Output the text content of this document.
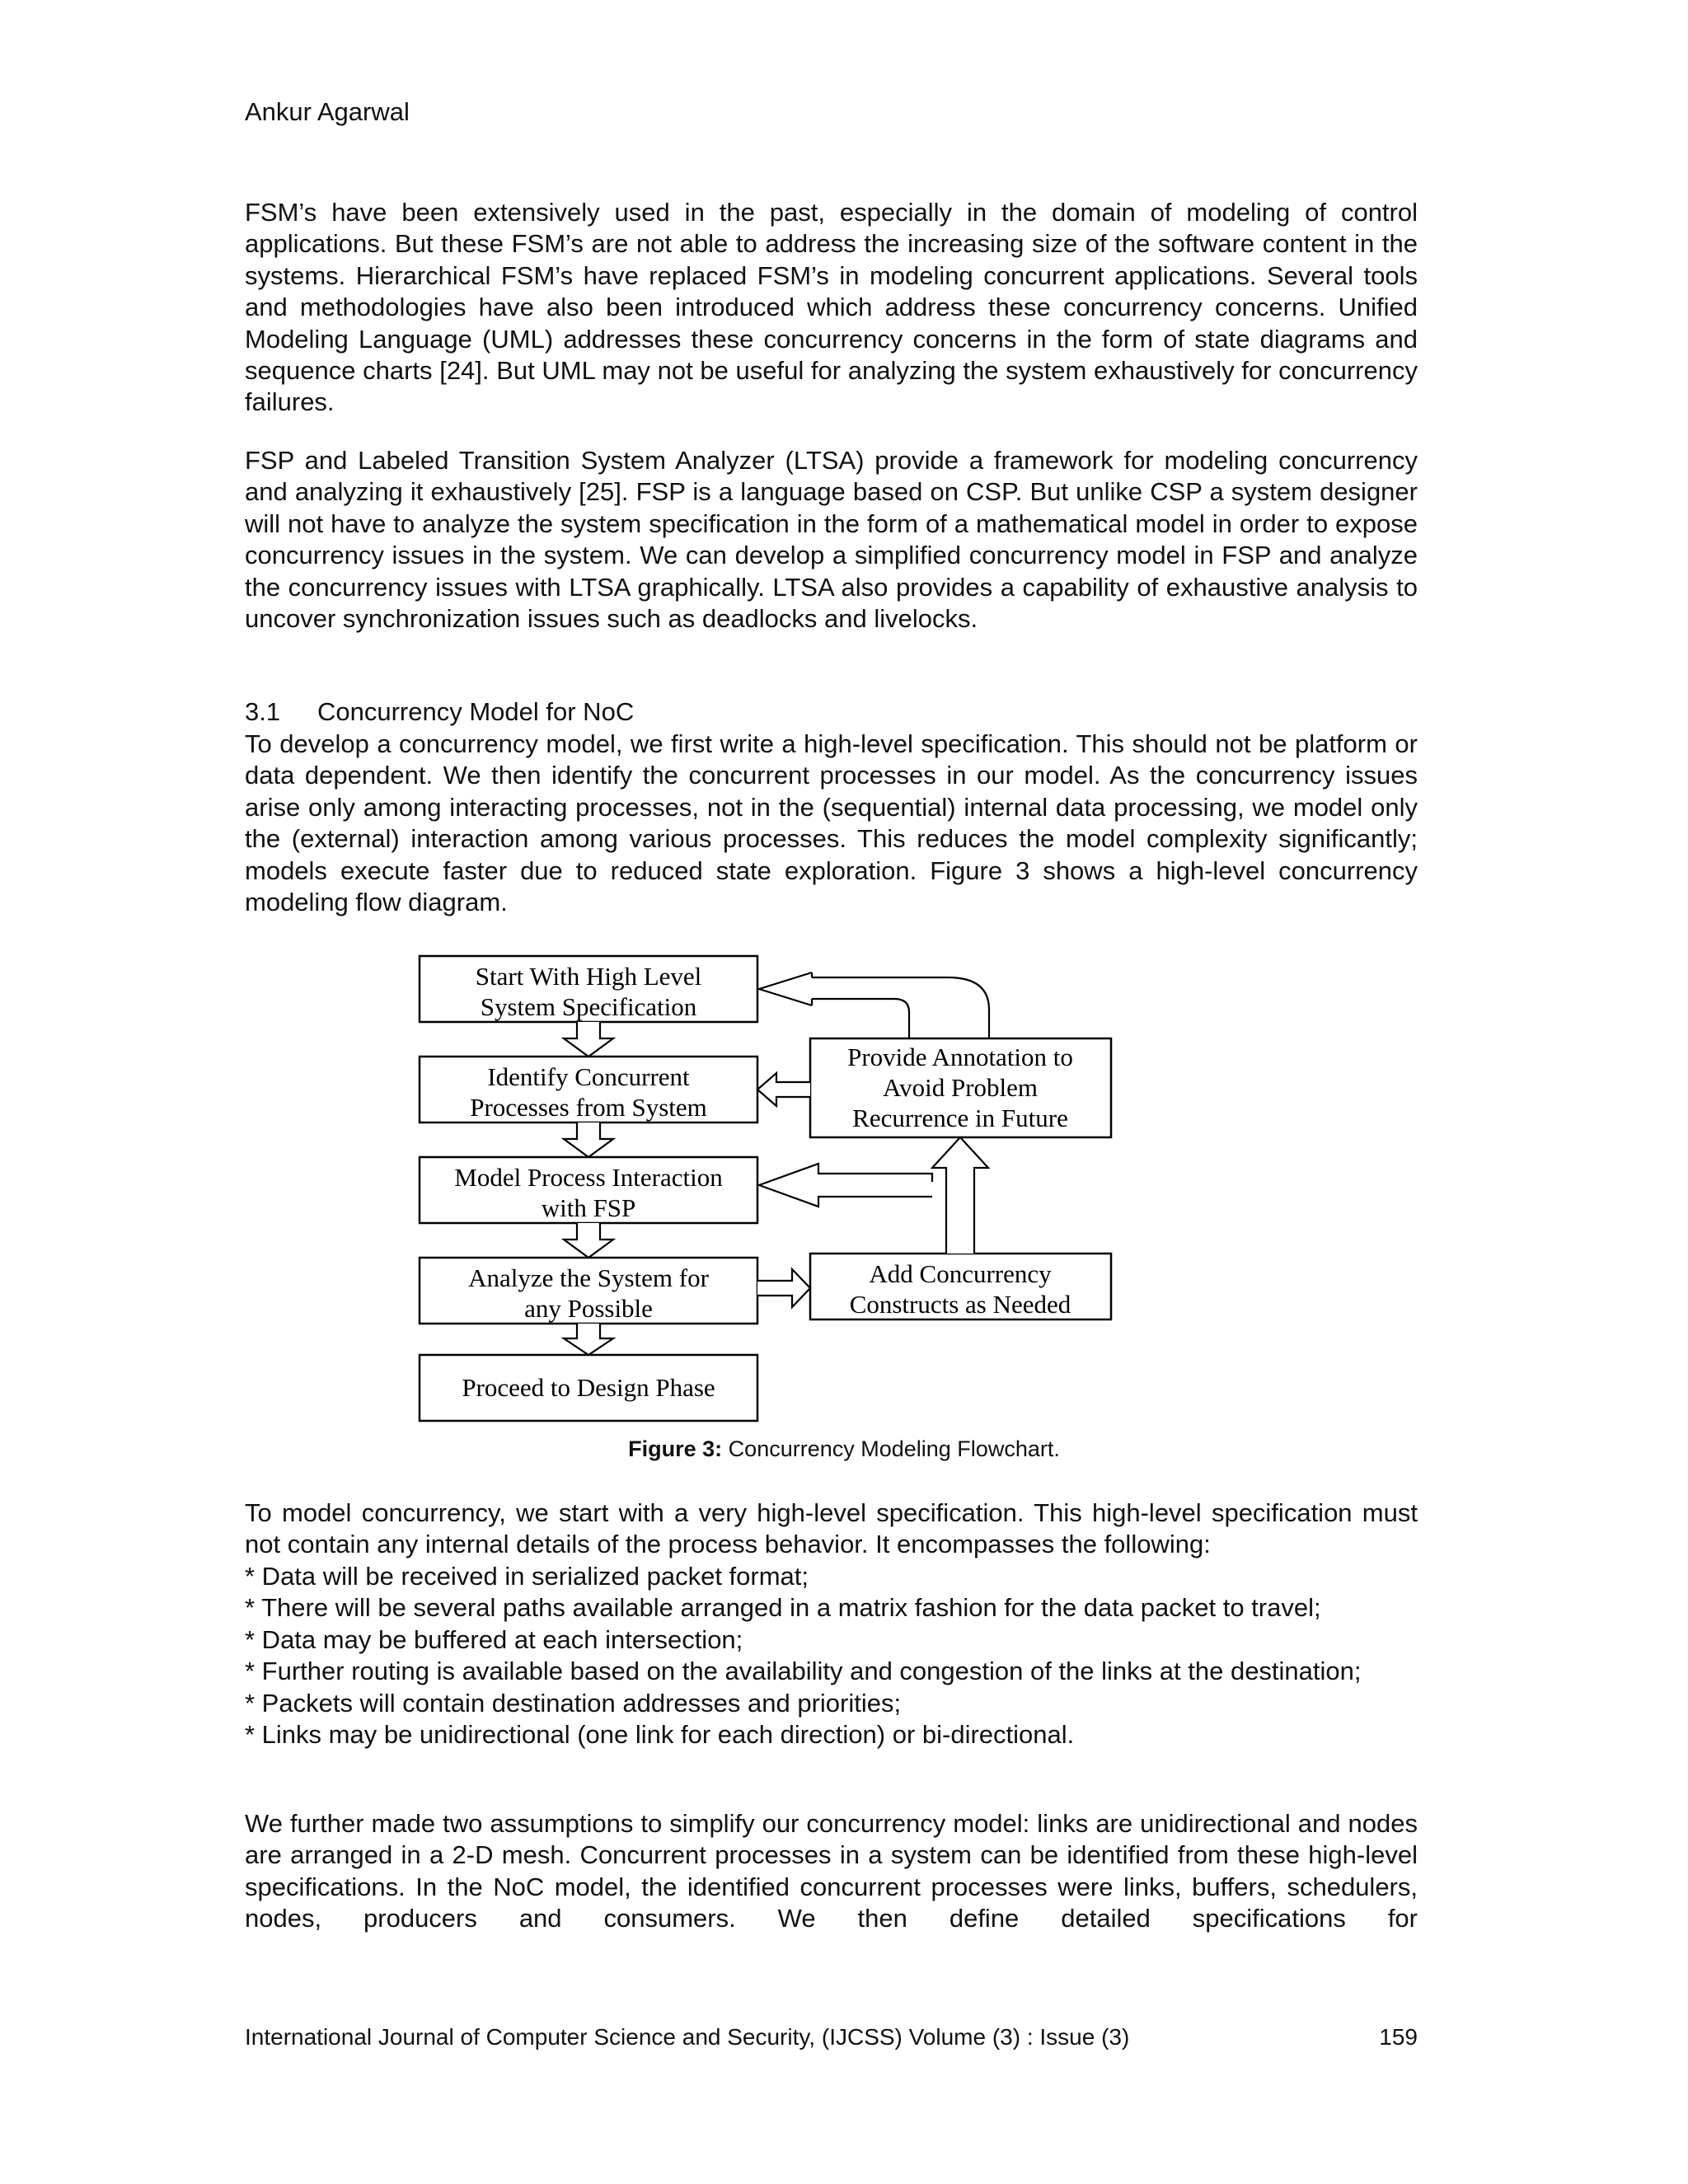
Ankur Agarwal

FSM’s have been extensively used in the past, especially in the domain of modeling of control applications. But these FSM’s are not able to address the increasing size of the software content in the systems. Hierarchical FSM’s have replaced FSM’s in modeling concurrent applications. Several tools and methodologies have also been introduced which address these concurrency concerns. Unified Modeling Language (UML) addresses these concurrency concerns in the form of state diagrams and sequence charts [24]. But UML may not be useful for analyzing the system exhaustively for concurrency failures.

FSP and Labeled Transition System Analyzer (LTSA) provide a framework for modeling concurrency and analyzing it exhaustively [25]. FSP is a language based on CSP. But unlike CSP a system designer will not have to analyze the system specification in the form of a mathematical model in order to expose concurrency issues in the system. We can develop a simplified concurrency model in FSP and analyze the concurrency issues with LTSA graphically. LTSA also provides a capability of exhaustive analysis to uncover synchronization issues such as deadlocks and livelocks.

3.1 Concurrency Model for NoC

To develop a concurrency model, we first write a high-level specification. This should not be platform or data dependent. We then identify the concurrent processes in our model. As the concurrency issues arise only among interacting processes, not in the (sequential) internal data processing, we model only the (external) interaction among various processes. This reduces the model complexity significantly; models execute faster due to reduced state exploration. Figure 3 shows a high-level concurrency modeling flow diagram.

Start With High Level
System Specification
Identify Concurrent
Processes from System
Model Process Interaction
with FSP
Analyze the System for
any Possible
Proceed to Design Phase
Provide Annotation to
Avoid Problem
Recurrence in Future
Add Concurrency
Constructs as Needed
Figure 3: Concurrency Modeling Flowchart.

To model concurrency, we start with a very high-level specification. This high-level specification must not contain any internal details of the process behavior. It encompasses the following:

* Data will be received in serialized packet format;
* There will be several paths available arranged in a matrix fashion for the data packet to travel;
* Data may be buffered at each intersection;
* Further routing is available based on the availability and congestion of the links at the destination;
* Packets will contain destination addresses and priorities;
* Links may be unidirectional (one link for each direction) or bi-directional.

We further made two assumptions to simplify our concurrency model: links are unidirectional and nodes are arranged in a 2-D mesh. Concurrent processes in a system can be identified from these high-level specifications. In the NoC model, the identified concurrent processes were links, buffers, schedulers, nodes, producers and consumers. We then define detailed specifications for

International Journal of Computer Science and Security, (IJCSS) Volume (3) : Issue (3)	159
